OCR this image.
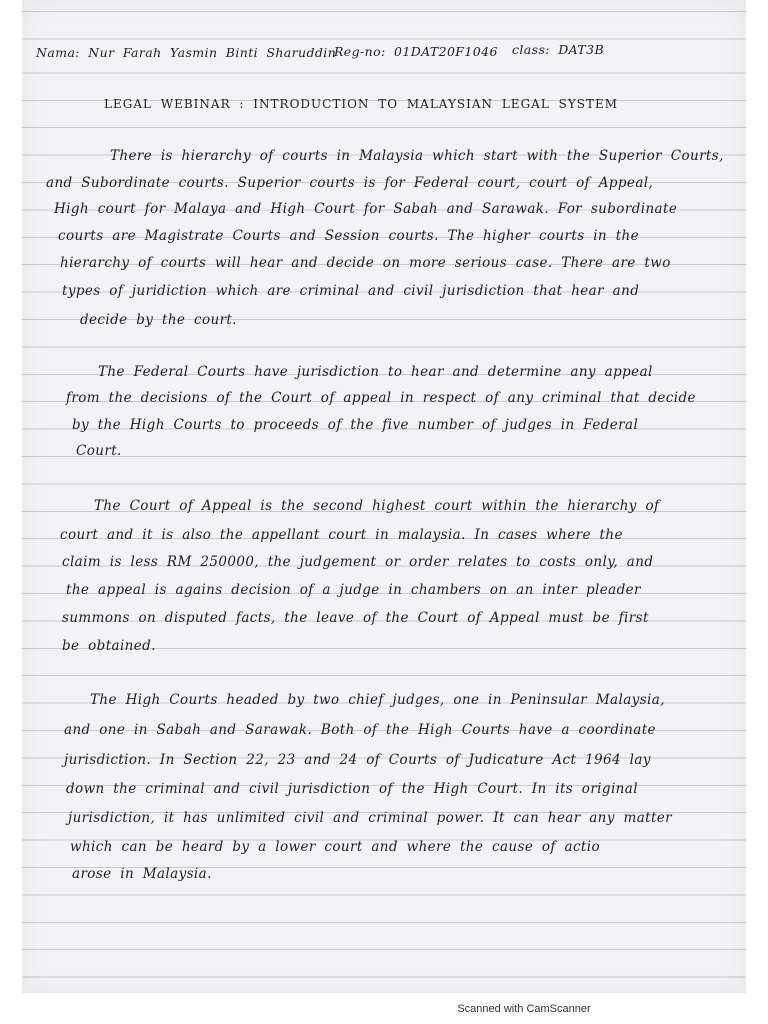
Nama: Nur Farah Yasmin Binti Sharuddin

Reg-no: 01DAT20F1046 class: DAT3B

LEGAL WEBINAR : INTRODUCTION TO MALAYSIAN LEGAL SYSTEM

There is hierarchy of courts in Malaysia which start with the Superior Courts,

and Subordinate courts. Superior courts is for Federal court, court of Appeal,

High court for Malaya and High Court for Sabah and Sarawak. For subordinate

courts are Magistrate Courts and Session courts. The higher courts in the

hierarchy of courts will hear and decide on more serious case. There are two

types of juridiction which are criminal and civil jurisdiction that hear and

decide by the court.

The Federal Courts have jurisdiction to hear and determine any appeal

from the decisions of the Court of appeal in respect of any criminal that decide

by the High Courts to proceeds of the five number of judges in Federal

Court.

The Court of Appeal is the second highest court within the hierarchy of

court and it is also the appellant court in malaysia. In cases where the

claim is less RM 250000, the judgement or order relates to costs only, and

the appeal is agains decision of a judge in chambers on an inter pleader

summons on disputed facts, the leave of the Court of Appeal must be first

be obtained.

The High Courts headed by two chief judges, one in Peninsular Malaysia,

and one in Sabah and Sarawak. Both of the High Courts have a coordinate

jurisdiction. In Section 22, 23 and 24 of Courts of Judicature Act 1964 lay

down the criminal and civil jurisdiction of the High Court. In its original

jurisdiction, it has unlimited civil and criminal power. It can hear any matter

which can be heard by a lower court and where the cause of actio

arose in Malaysia.

Scanned with CamScanner
